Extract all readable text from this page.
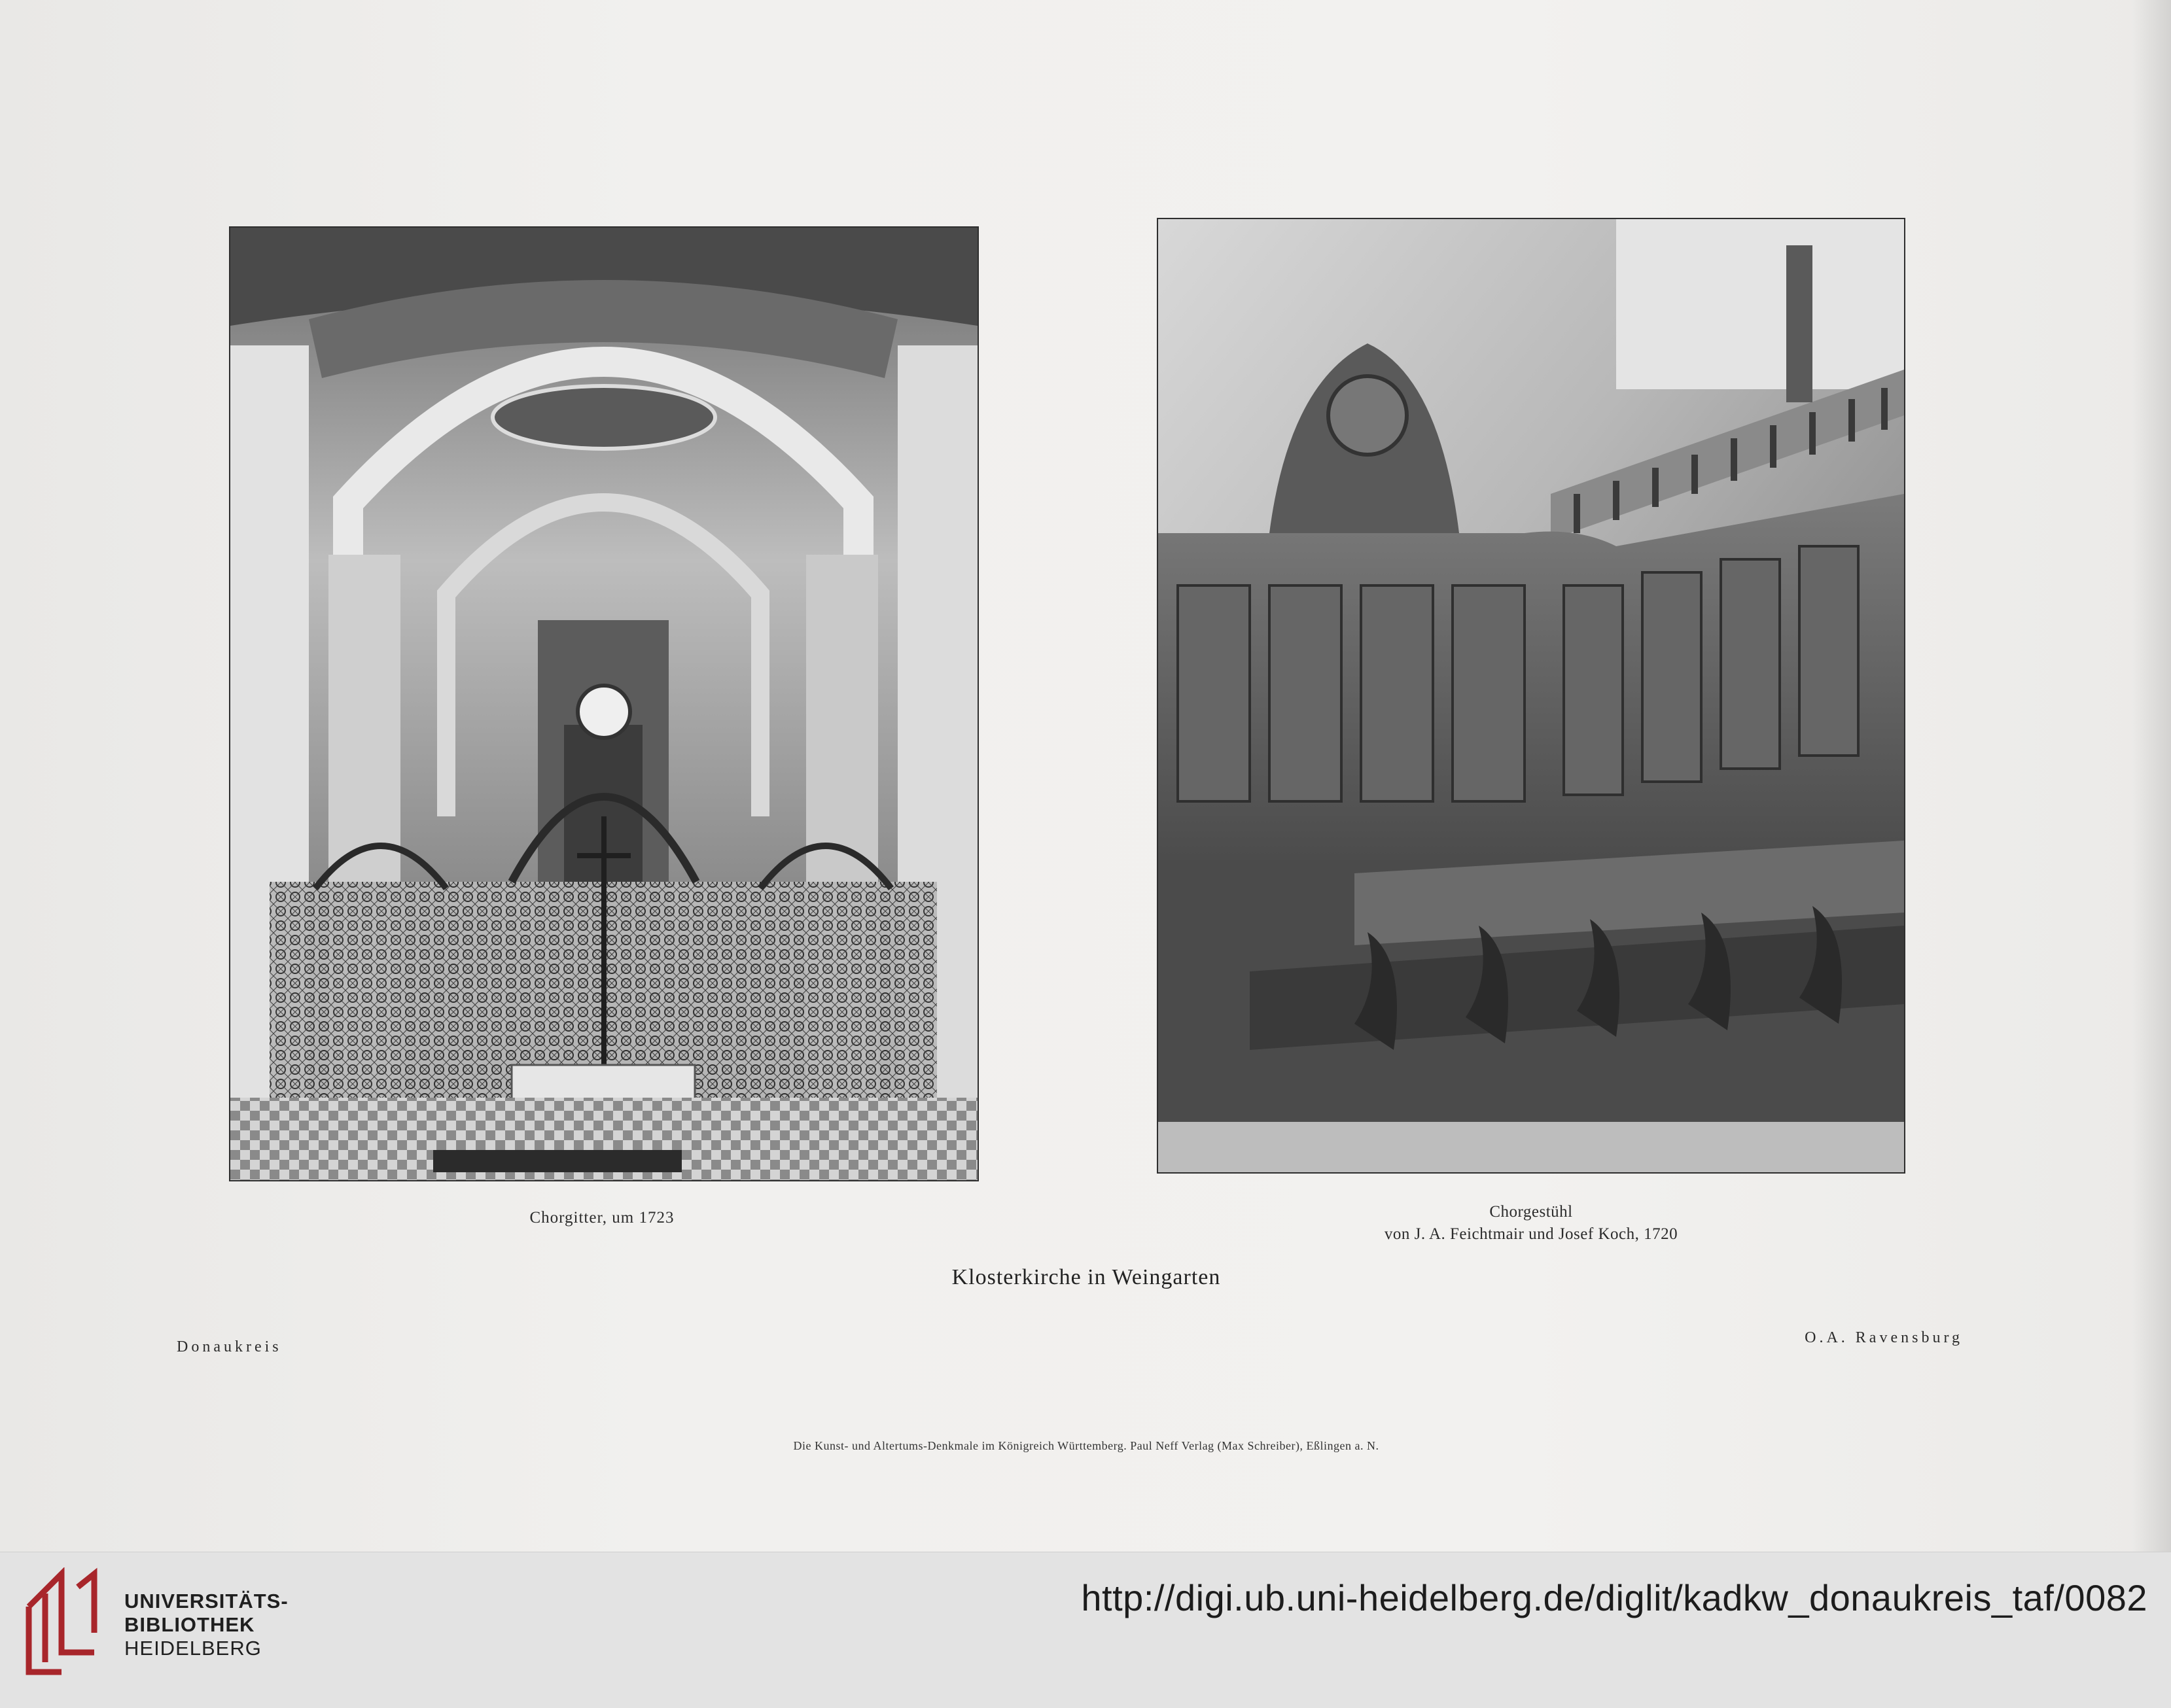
Chorgitter, um 1723	Chorgestühl
von J. A. Feichtmair und Josef Koch, 1720
Klosterkirche in Weingarten
Donaukreis
O.A. Ravensburg
Die Kunst- und Altertums-Denkmale im Königreich Württemberg. Paul Neff Verlag (Max Schreiber), Eßlingen a. N.
UNIVERSITÄTS-
BIBLIOTHEK
HEIDELBERG
http://digi.ub.uni-heidelberg.de/diglit/kadkw_donaukreis_taf/0082
